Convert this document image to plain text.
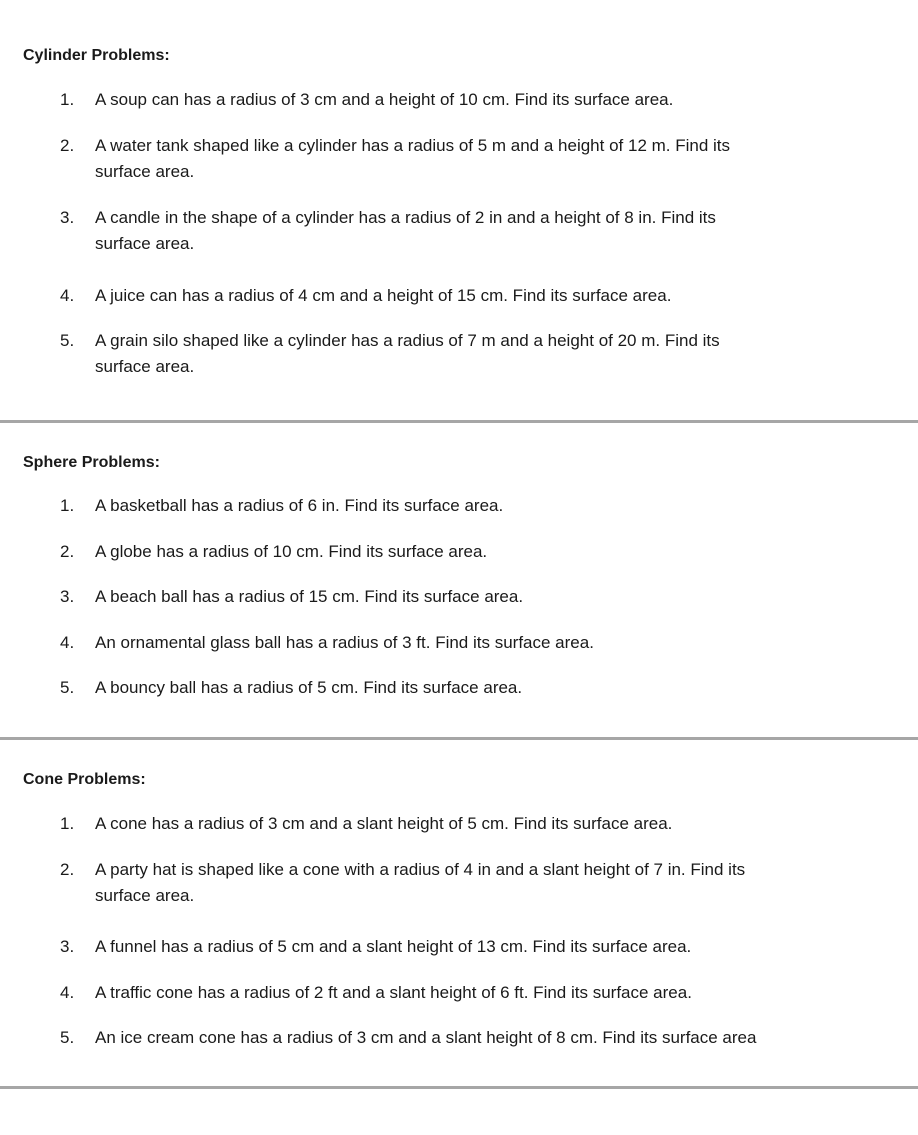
Cylinder Problems:
1.	A soup can has a radius of 3 cm and a height of 10 cm. Find its surface area.
2.	A water tank shaped like a cylinder has a radius of 5 m and a height of 12 m. Find its
surface area.
3.	A candle in the shape of a cylinder has a radius of 2 in and a height of 8 in. Find its
surface area.
4.	A juice can has a radius of 4 cm and a height of 15 cm. Find its surface area.
5.	A grain silo shaped like a cylinder has a radius of 7 m and a height of 20 m. Find its
surface area.
Sphere Problems:
1.	A basketball has a radius of 6 in. Find its surface area.
2.	A globe has a radius of 10 cm. Find its surface area.
3.	A beach ball has a radius of 15 cm. Find its surface area.
4.	An ornamental glass ball has a radius of 3 ft. Find its surface area.
5.	A bouncy ball has a radius of 5 cm. Find its surface area.
Cone Problems:
1.	A cone has a radius of 3 cm and a slant height of 5 cm. Find its surface area.
2.	A party hat is shaped like a cone with a radius of 4 in and a slant height of 7 in. Find its
surface area.
3.	A funnel has a radius of 5 cm and a slant height of 13 cm. Find its surface area.
4.	A traffic cone has a radius of 2 ft and a slant height of 6 ft. Find its surface area.
5.	An ice cream cone has a radius of 3 cm and a slant height of 8 cm. Find its surface area
